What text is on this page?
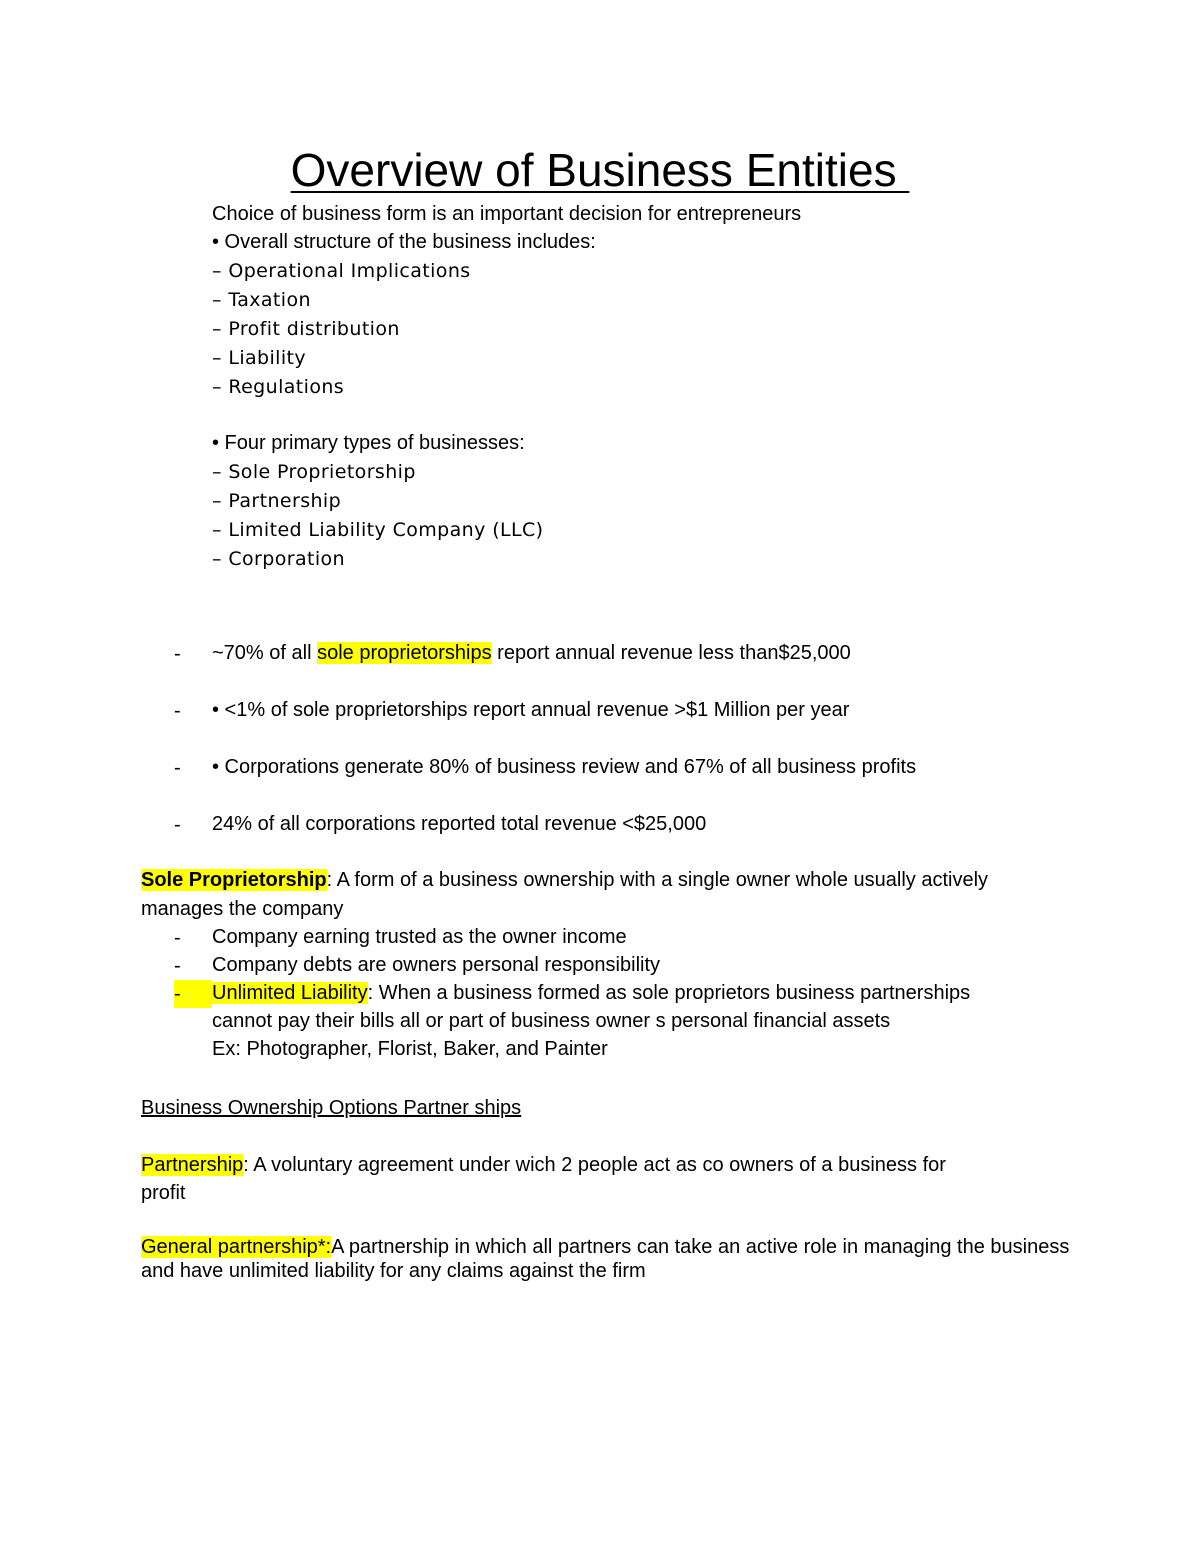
Overview of Business Entities
Choice of business form is an important decision for entrepreneurs
• Overall structure of the business includes:
– Operational Implications
– Taxation
– Profit distribution
– Liability
– Regulations
• Four primary types of businesses:
– Sole Proprietorship
– Partnership
– Limited Liability Company (LLC)
– Corporation
- ~70% of all sole proprietorships report annual revenue less than$25,000
- • <1% of sole proprietorships report annual revenue >$1 Million per year
- • Corporations generate 80% of business review and 67% of all business profits
- 24% of all corporations reported total revenue <$25,000
Sole Proprietorship: A form of a business ownership with a single owner whole usually actively
manages the company
- Company earning trusted as the owner income
- Company debts are owners personal responsibility
-	Unlimited Liability: When a business formed as sole proprietors business partnerships
cannot pay their bills all or part of business owner s personal financial assets
Ex: Photographer, Florist, Baker, and Painter
Business Ownership Options Partner ships
Partnership: A voluntary agreement under wich 2 people act as co owners of a business for
profit
General partnership*:A partnership in which all partners can take an active role in managing the business
and have unlimited liability for any claims against the firm
